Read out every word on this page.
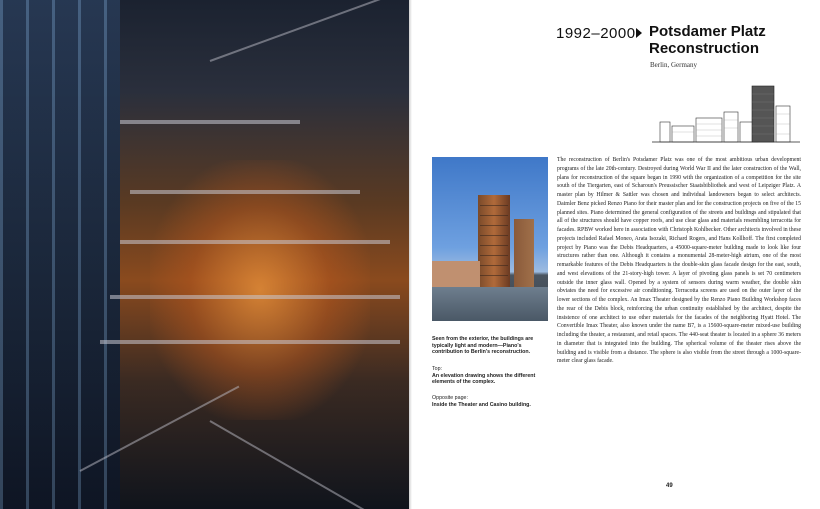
1992–2000 Potsdamer Platz Reconstruction
Berlin, Germany
Seen from the exterior, the buildings are typically light and modern—Piano's contribution to Berlin's reconstruction.
Top:
An elevation drawing shows the different elements of the complex.
Opposite page:
Inside the Theater and Casino building.
The reconstruction of Berlin's Potsdamer Platz was one of the most ambitious urban development programs of the late 20th-century. Destroyed during World War II and the later construction of the Wall, plans for reconstruction of the square began in 1990 with the organization of a competition for the site south of the Tiergarten, east of Scharoun's Preussischer Staatsbibliothek and west of Leipziger Platz. A master plan by Hilmer & Sattler was chosen and individual landowners began to select architects. Daimler Benz picked Renzo Piano for their master plan and for the construction projects on five of the 15 planned sites. Piano determined the general configuration of the streets and buildings and stipulated that all of the structures should have copper roofs, and use clear glass and materials resembling terracotta for facades. RPBW worked here in association with Christoph Kohlbecker. Other architects involved in these projects included Rafael Moneo, Arata Isozaki, Richard Rogers, and Hans Kollhoff. The first completed project by Piano was the Debis Headquarters, a 45000-square-meter building made to look like four structures rather than one. Although it contains a monumental 28-meter-high atrium, one of the most remarkable features of the Debis Headquarters is the double-skin glass facade design for the east, south, and west elevations of the 21-story-high tower. A layer of pivoting glass panels is set 70 centimeters outside the inner glass wall. Opened by a system of sensors during warm weather, the double skin obviates the need for excessive air conditioning. Terracotta screens are used on the outer layer of the lower sections of the complex. An Imax Theater designed by the Renzo Piano Building Workshop faces the rear of the Debis block, reinforcing the urban continuity established by the architect, despite the insistence of one architect to use other materials for the facades of the neighboring Hyatt Hotel. The Convertible Imax Theater, also known under the name B7, is a 15600-square-meter mixed-use building including the theater, a restaurant, and retail spaces. The 440-seat theater is located in a sphere 36 meters in diameter that is integrated into the building. The spherical volume of the theater rises above the building and is visible from a distance. The sphere is also visible from the street through a 1000-square-meter clear glass facade.
49
